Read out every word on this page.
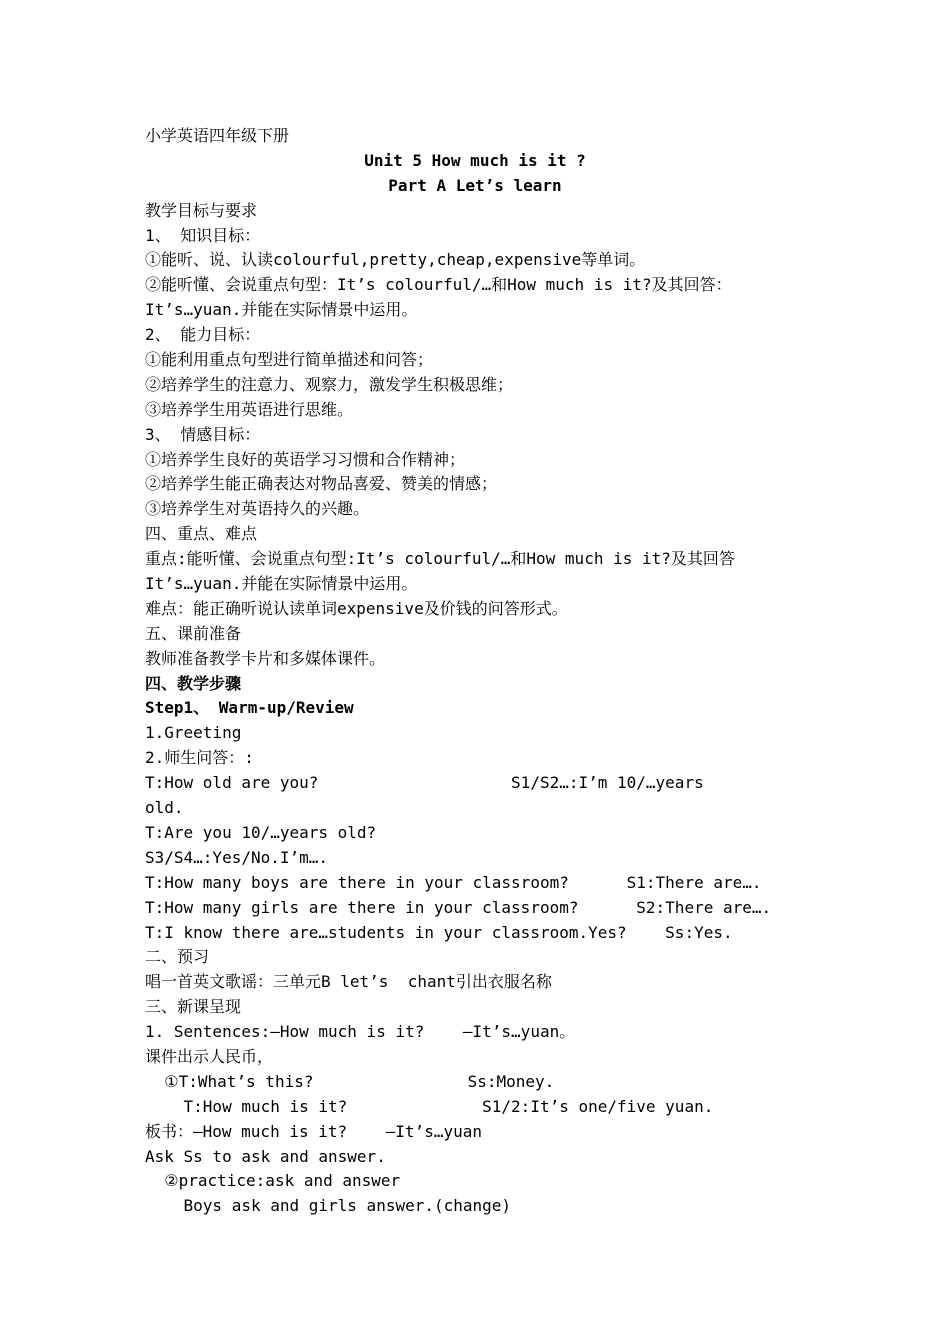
小学英语四年级下册
Unit 5 How much is it ?
Part A Let’s learn
教学目标与要求
1、 知识目标：
①能听、说、认读colourful,pretty,cheap,expensive等单词。
②能听懂、会说重点句型：It’s colourful/…和How much is it?及其回答：
It’s…yuan.并能在实际情景中运用。
2、 能力目标：
①能利用重点句型进行简单描述和问答；
②培养学生的注意力、观察力，激发学生积极思维；
③培养学生用英语进行思维。
3、 情感目标：
①培养学生良好的英语学习习惯和合作精神；
②培养学生能正确表达对物品喜爱、赞美的情感；
③培养学生对英语持久的兴趣。
四、重点、难点
重点:能听懂、会说重点句型:It’s colourful/…和How much is it?及其回答
It’s…yuan.并能在实际情景中运用。
难点：能正确听说认读单词expensive及价钱的问答形式。
五、课前准备
教师准备教学卡片和多媒体课件。
四、教学步骤
Step1、 Warm-up/Review
1.Greeting
2.师生问答：:
T:How old are you?                    S1/S2…:I’m 10/…years
old.
T:Are you 10/…years old?
S3/S4…:Yes/No.I’m….
T:How many boys are there in your classroom?      S1:There are….
T:How many girls are there in your classroom?      S2:There are….
T:I know there are…students in your classroom.Yes?    Ss:Yes.
二、预习
唱一首英文歌谣：三单元B let’s  chant引出衣服名称
三、新课呈现
1. Sentences:—How much is it?    —It’s…yuan。
课件出示人民币，
①T:What’s this?                Ss:Money.
T:How much is it?              S1/2:It’s one/five yuan.
板书：—How much is it?    —It’s…yuan
Ask Ss to ask and answer.
②practice:ask and answer
Boys ask and girls answer.(change)
